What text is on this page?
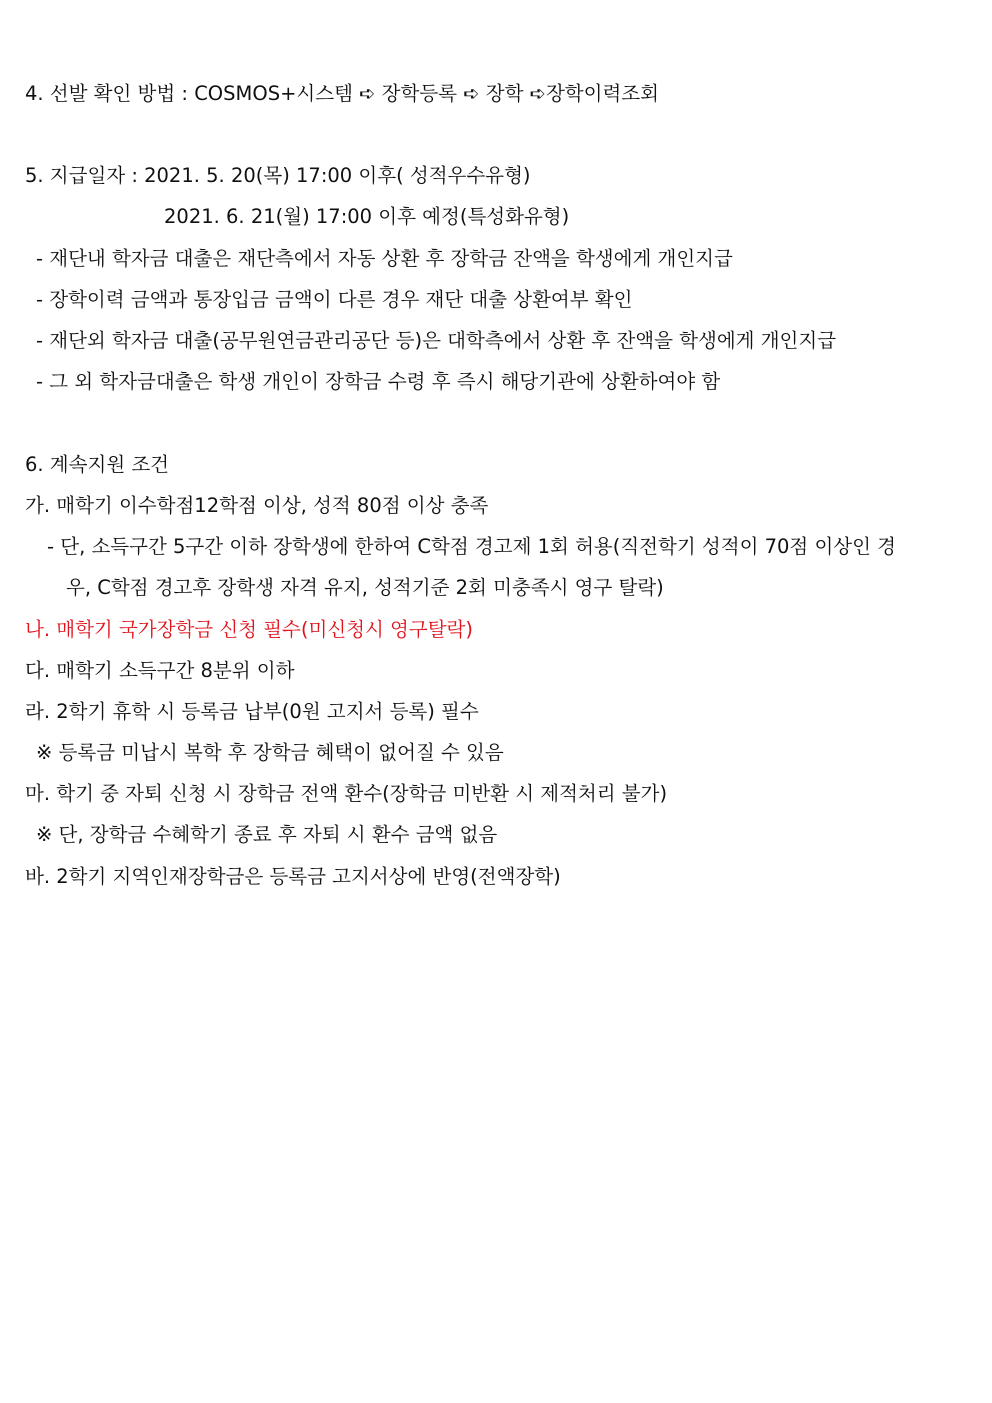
4. 선발 확인 방법 : COSMOS+시스템 ➪ 장학등록 ➪ 장학 ➪장학이력조회
5. 지급일자 : 2021. 5. 20(목) 17:00 이후( 성적우수유형)
2021. 6. 21(월) 17:00 이후 예정(특성화유형)
- 재단내 학자금 대출은 재단측에서 자동 상환 후 장학금 잔액을 학생에게 개인지급
- 장학이력 금액과 통장입금 금액이 다른 경우 재단 대출 상환여부 확인
- 재단외 학자금 대출(공무원연금관리공단 등)은 대학측에서 상환 후 잔액을 학생에게 개인지급
- 그 외 학자금대출은 학생 개인이 장학금 수령 후 즉시 해당기관에 상환하여야 함
6. 계속지원 조건
가. 매학기 이수학점12학점 이상, 성적 80점 이상 충족
- 단, 소득구간 5구간 이하 장학생에 한하여 C학점 경고제 1회 허용(직전학기 성적이 70점 이상인 경
우, C학점 경고후 장학생 자격 유지, 성적기준 2회 미충족시 영구 탈락)
나. 매학기 국가장학금 신청 필수(미신청시 영구탈락)
다. 매학기 소득구간 8분위 이하
라. 2학기 휴학 시 등록금 납부(0원 고지서 등록) 필수
※ 등록금 미납시 복학 후 장학금 혜택이 없어질 수 있음
마. 학기 중 자퇴 신청 시 장학금 전액 환수(장학금 미반환 시 제적처리 불가)
※ 단, 장학금 수혜학기 종료 후 자퇴 시 환수 금액 없음
바. 2학기 지역인재장학금은 등록금 고지서상에 반영(전액장학)
